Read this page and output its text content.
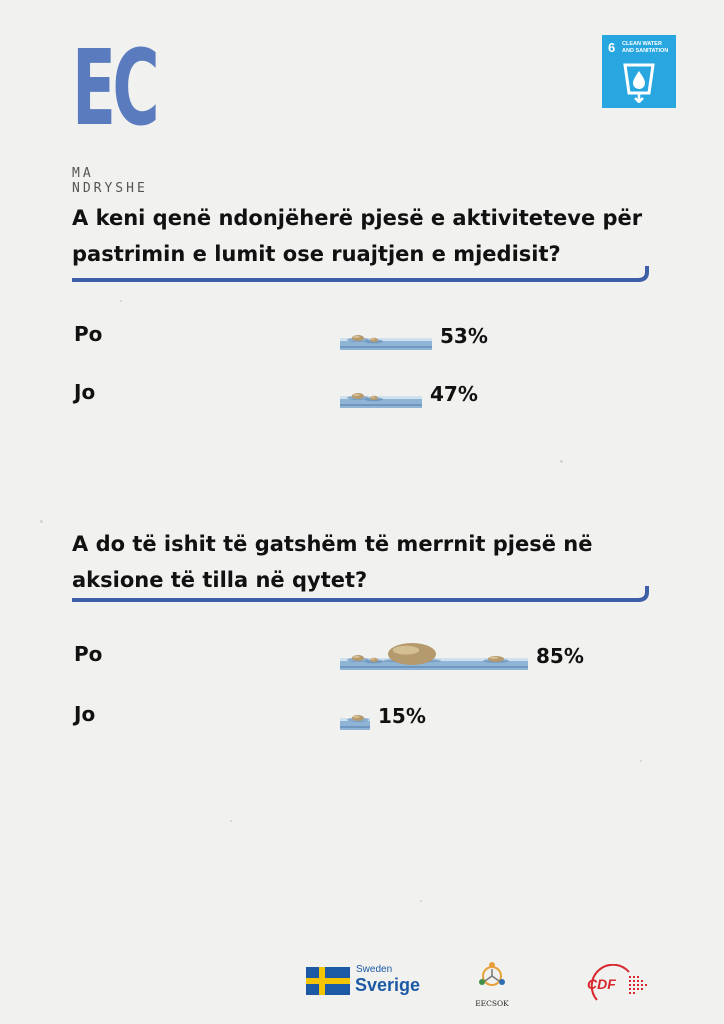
EC
MA NDRYSHE
6 CLEAN WATER AND SANITATION
A keni qenë ndonjëherë pjesë e aktiviteteve për pastrimin e lumit ose ruajtjen e mjedisit?
Po	53%
Jo	47%
A do të ishit të gatshëm të merrnit pjesë në aksione të tilla në qytet?
Po	85%
Jo	15%
Sweden
Sverige
EECSOK
CDF
